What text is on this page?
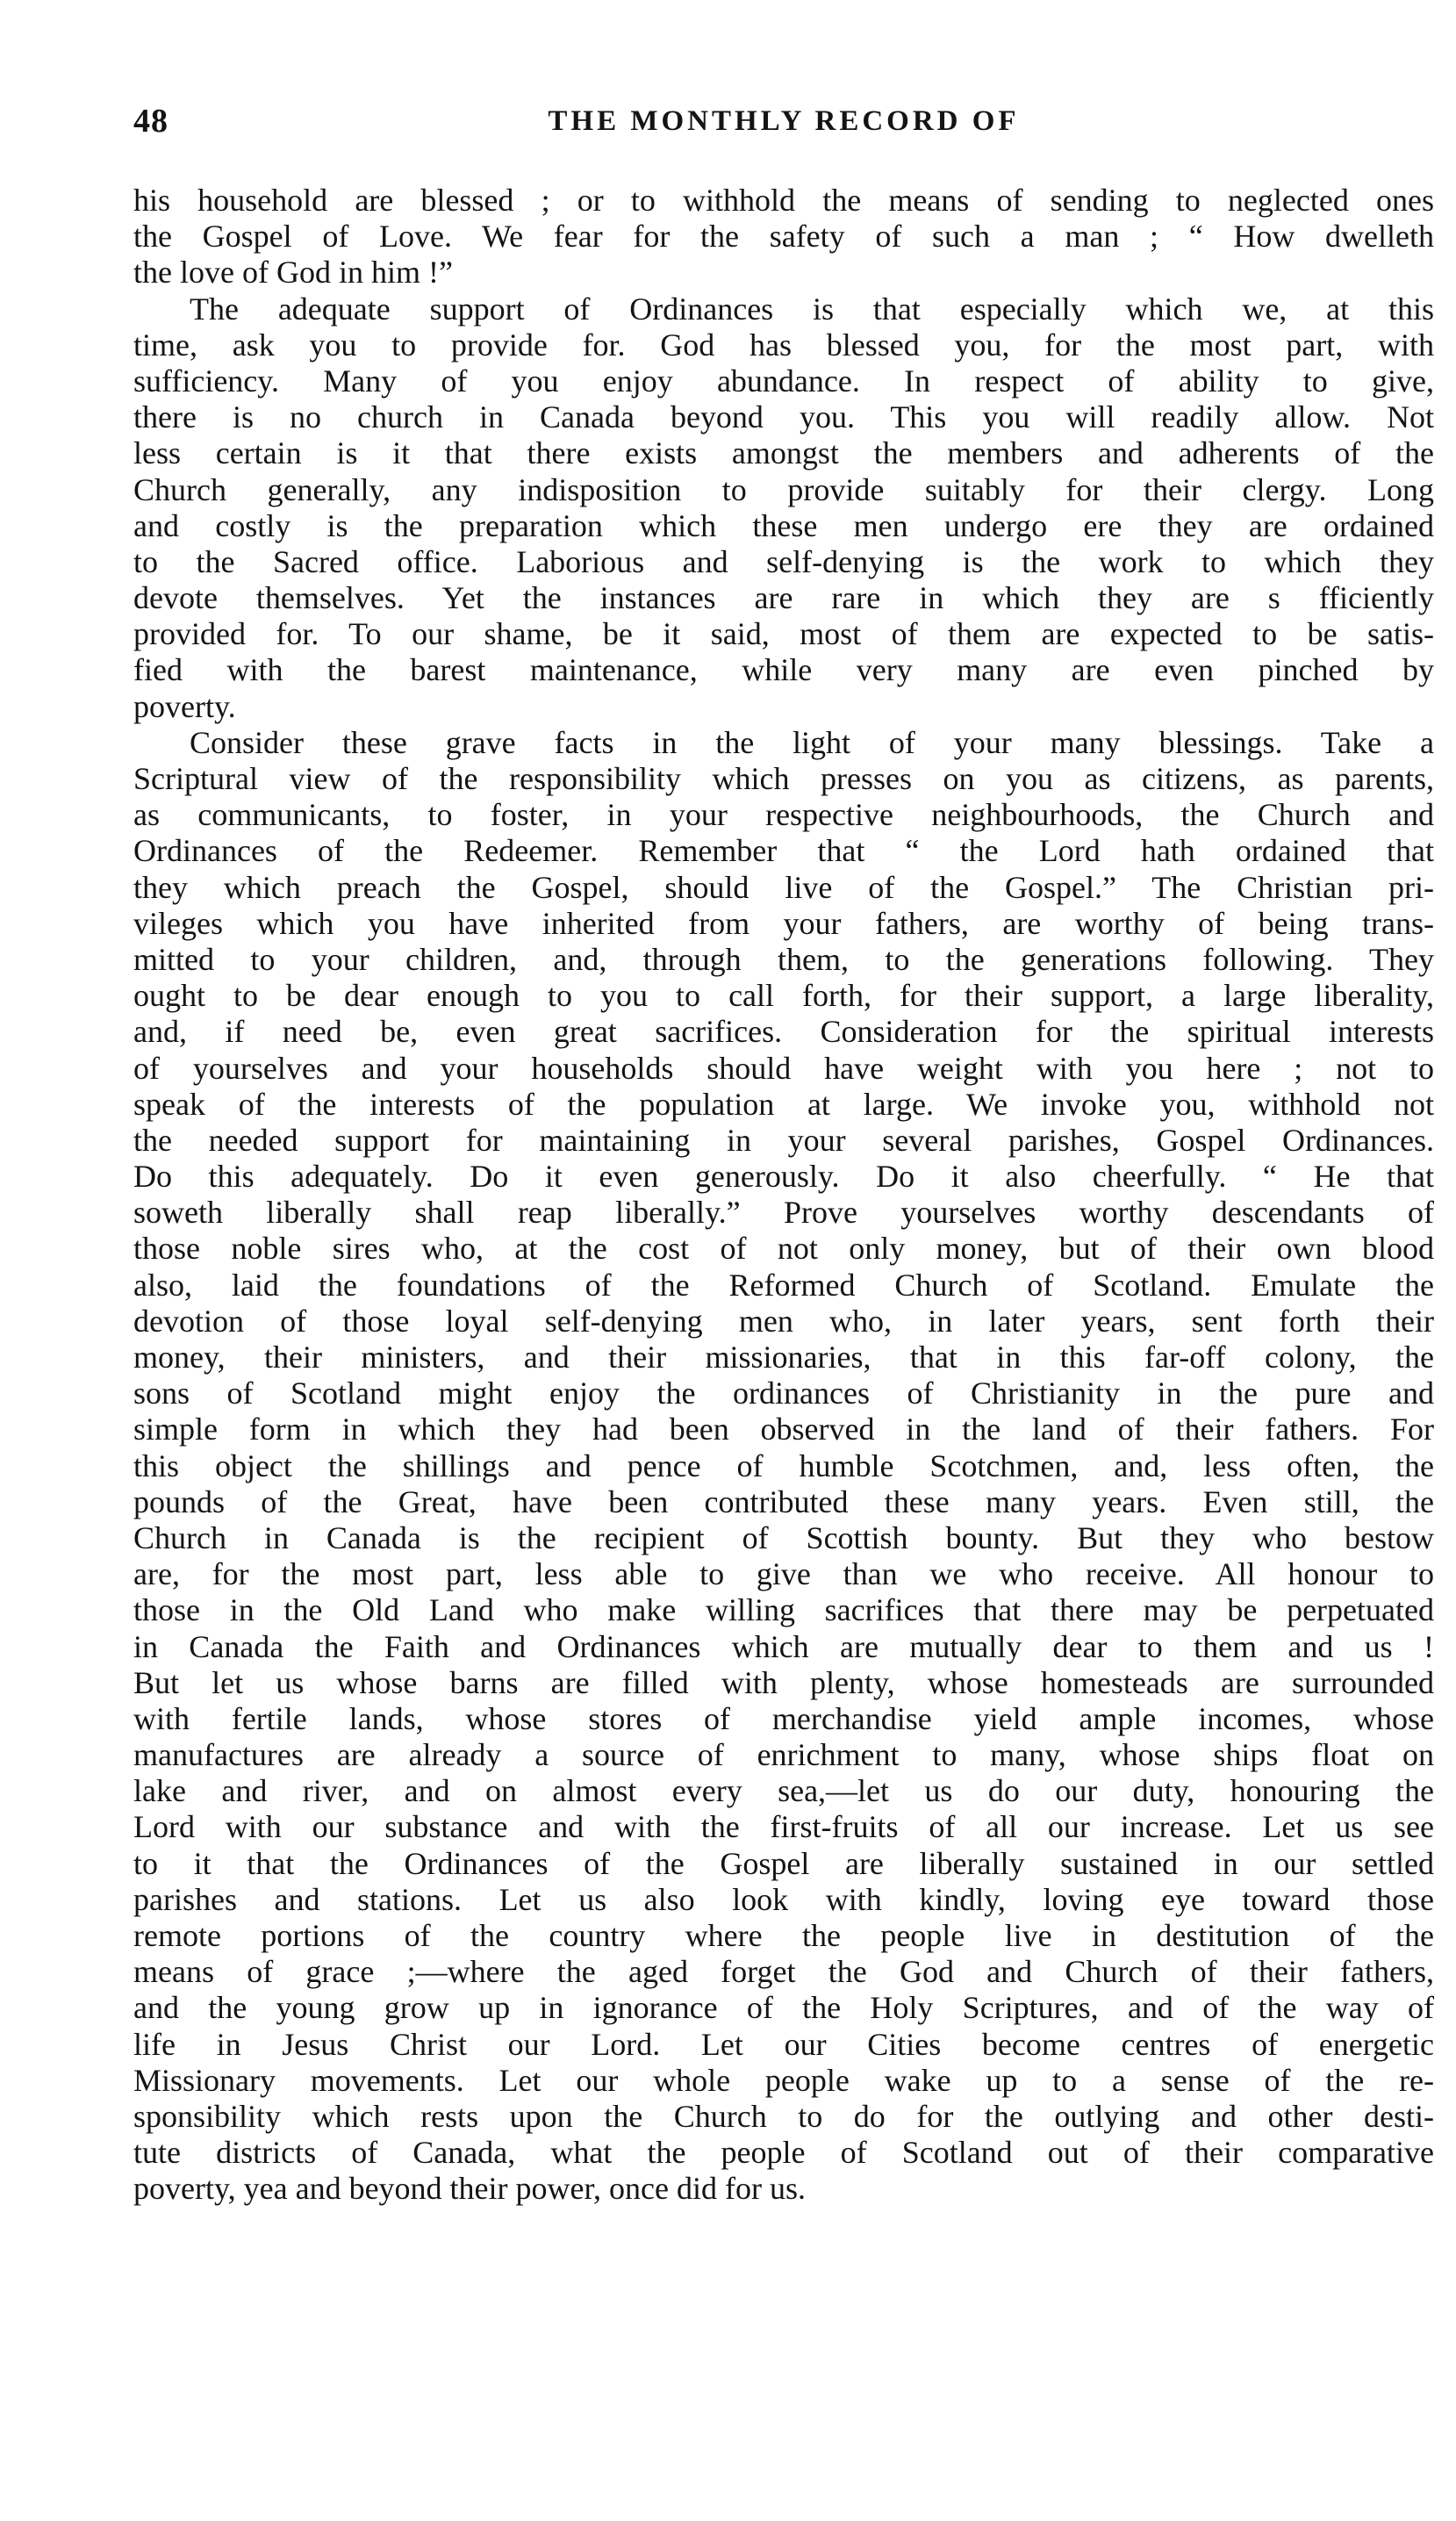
48	THE MONTHLY RECORD OF
his household are blessed ; or to withhold the means of sending to neglected ones
the Gospel of Love. We fear for the safety of such a man ; “ How dwelleth
the love of God in him !”
The adequate support of Ordinances is that especially which we, at this
time, ask you to provide for. God has blessed you, for the most part, with
sufficiency. Many of you enjoy abundance. In respect of ability to give,
there is no church in Canada beyond you. This you will readily allow. Not
less certain is it that there exists amongst the members and adherents of the
Church generally, any indisposition to provide suitably for their clergy. Long
and costly is the preparation which these men undergo ere they are ordained
to the Sacred office. Laborious and self-denying is the work to which they
devote themselves. Yet the instances are rare in which they are s fficiently
provided for. To our shame, be it said, most of them are expected to be satis-
fied with the barest maintenance, while very many are even pinched by
poverty.
Consider these grave facts in the light of your many blessings. Take a
Scriptural view of the responsibility which presses on you as citizens, as parents,
as communicants, to foster, in your respective neighbourhoods, the Church and
Ordinances of the Redeemer. Remember that “ the Lord hath ordained that
they which preach the Gospel, should live of the Gospel.” The Christian pri-
vileges which you have inherited from your fathers, are worthy of being trans-
mitted to your children, and, through them, to the generations following. They
ought to be dear enough to you to call forth, for their support, a large liberality,
and, if need be, even great sacrifices. Consideration for the spiritual interests
of yourselves and your households should have weight with you here ; not to
speak of the interests of the population at large. We invoke you, withhold not
the needed support for maintaining in your several parishes, Gospel Ordinances.
Do this adequately. Do it even generously. Do it also cheerfully. “ He that
soweth liberally shall reap liberally.” Prove yourselves worthy descendants of
those noble sires who, at the cost of not only money, but of their own blood
also, laid the foundations of the Reformed Church of Scotland. Emulate the
devotion of those loyal self-denying men who, in later years, sent forth their
money, their ministers, and their missionaries, that in this far-off colony, the
sons of Scotland might enjoy the ordinances of Christianity in the pure and
simple form in which they had been observed in the land of their fathers. For
this object the shillings and pence of humble Scotchmen, and, less often, the
pounds of the Great, have been contributed these many years. Even still, the
Church in Canada is the recipient of Scottish bounty. But they who bestow
are, for the most part, less able to give than we who receive. All honour to
those in the Old Land who make willing sacrifices that there may be perpetuated
in Canada the Faith and Ordinances which are mutually dear to them and us !
But let us whose barns are filled with plenty, whose homesteads are surrounded
with fertile lands, whose stores of merchandise yield ample incomes, whose
manufactures are already a source of enrichment to many, whose ships float on
lake and river, and on almost every sea,—let us do our duty, honouring the
Lord with our substance and with the first-fruits of all our increase. Let us see
to it that the Ordinances of the Gospel are liberally sustained in our settled
parishes and stations. Let us also look with kindly, loving eye toward those
remote portions of the country where the people live in destitution of the
means of grace ;—where the aged forget the God and Church of their fathers,
and the young grow up in ignorance of the Holy Scriptures, and of the way of
life in Jesus Christ our Lord. Let our Cities become centres of energetic
Missionary movements. Let our whole people wake up to a sense of the re-
sponsibility which rests upon the Church to do for the outlying and other desti-
tute districts of Canada, what the people of Scotland out of their comparative
poverty, yea and beyond their power, once did for us.
